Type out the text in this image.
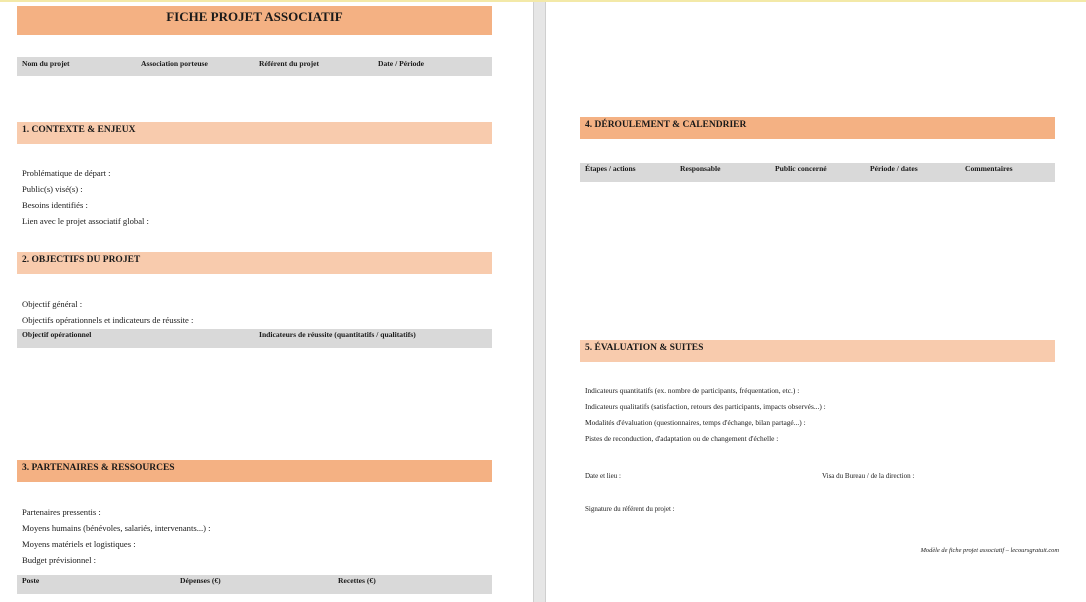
FICHE PROJET ASSOCIATIF
Nom du projet	Association porteuse	Référent du projet	Date / Période
1. CONTEXTE & ENJEUX
Problématique de départ :
Public(s) visé(s) :
Besoins identifiés :
Lien avec le projet associatif global :
2. OBJECTIFS DU PROJET
Objectif général :
Objectifs opérationnels et indicateurs de réussite :
Objectif opérationnel	Indicateurs de réussite (quantitatifs / qualitatifs)
3. PARTENAIRES & RESSOURCES
Partenaires pressentis :
Moyens humains (bénévoles, salariés, intervenants...) :
Moyens matériels et logistiques :
Budget prévisionnel :
Poste	Dépenses (€)	Recettes (€)
4. DÉROULEMENT & CALENDRIER
Étapes / actions	Responsable	Public concerné	Période / dates	Commentaires
5. ÉVALUATION & SUITES
Indicateurs quantitatifs (ex. nombre de participants, fréquentation, etc.) :
Indicateurs qualitatifs (satisfaction, retours des participants, impacts observés...) :
Modalités d'évaluation (questionnaires, temps d'échange, bilan partagé...) :
Pistes de reconduction, d'adaptation ou de changement d'échelle :
Date et lieu :	Visa du Bureau / de la direction :
Signature du référent du projet :
Modèle de fiche projet associatif – lecoursgratuit.com
